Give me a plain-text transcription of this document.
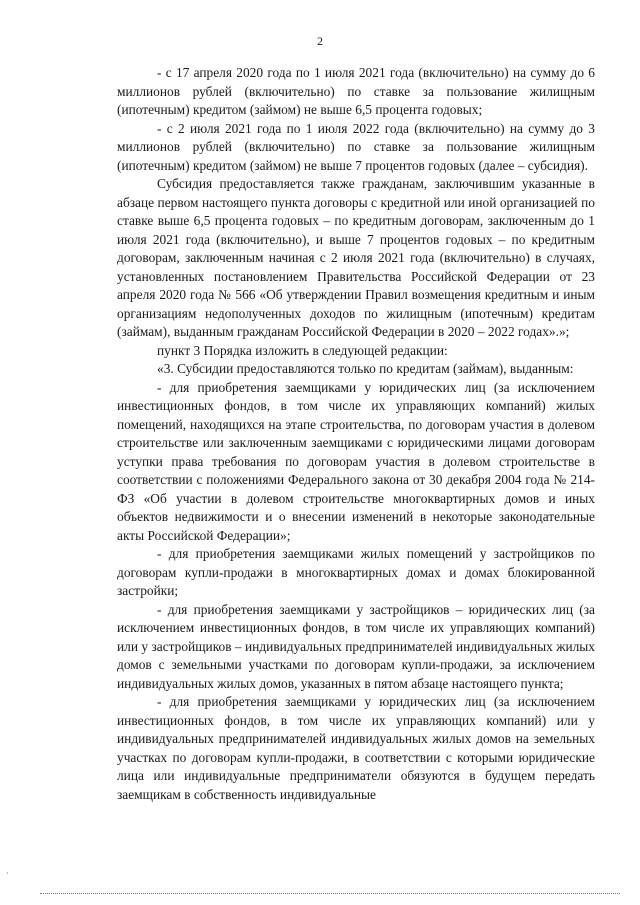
2

- с 17 апреля 2020 года по 1 июля 2021 года (включительно) на сумму до 6 миллионов рублей (включительно) по ставке за пользование жилищным (ипотечным) кредитом (займом) не выше 6,5 процента годовых;

- с 2 июля 2021 года по 1 июля 2022 года (включительно) на сумму до 3 миллионов рублей (включительно) по ставке за пользование жилищным (ипотечным) кредитом (займом) не выше 7 процентов годовых (далее – субсидия).

Субсидия предоставляется также гражданам, заключившим указанные в абзаце первом настоящего пункта договоры с кредитной или иной организацией по ставке выше 6,5 процента годовых – по кредитным договорам, заключенным до 1 июля 2021 года (включительно), и выше 7 процентов годовых – по кредитным договорам, заключенным начиная с 2 июля 2021 года (включительно) в случаях, установленных постановлением Правительства Российской Федерации от 23 апреля 2020 года № 566 «Об утверждении Правил возмещения кредитным и иным организациям недополученных доходов по жилищным (ипотечным) кредитам (займам), выданным гражданам Российской Федерации в 2020 – 2022 годах».»;

пункт 3 Порядка изложить в следующей редакции:

«3. Субсидии предоставляются только по кредитам (займам), выданным:

- для приобретения заемщиками у юридических лиц (за исключением инвестиционных фондов, в том числе их управляющих компаний) жилых помещений, находящихся на этапе строительства, по договорам участия в долевом строительстве или заключенным заемщиками с юридическими лицами договорам уступки права требования по договорам участия в долевом строительстве в соответствии с положениями Федерального закона от 30 декабря 2004 года № 214-ФЗ «Об участии в долевом строительстве многоквартирных домов и иных объектов недвижимости и о внесении изменений в некоторые законодательные акты Российской Федерации»;

- для приобретения заемщиками жилых помещений у застройщиков по договорам купли-продажи в многоквартирных домах и домах блокированной застройки;

- для приобретения заемщиками у застройщиков – юридических лиц (за исключением инвестиционных фондов, в том числе их управляющих компаний) или у застройщиков – индивидуальных предпринимателей индивидуальных жилых домов с земельными участками по договорам купли-продажи, за исключением индивидуальных жилых домов, указанных в пятом абзаце настоящего пункта;

- для приобретения заемщиками у юридических лиц (за исключением инвестиционных фондов, в том числе их управляющих компаний) или у индивидуальных предпринимателей индивидуальных жилых домов на земельных участках по договорам купли-продажи, в соответствии с которыми юридические лица или индивидуальные предприниматели обязуются в будущем передать заемщикам в собственность индивидуальные

·
